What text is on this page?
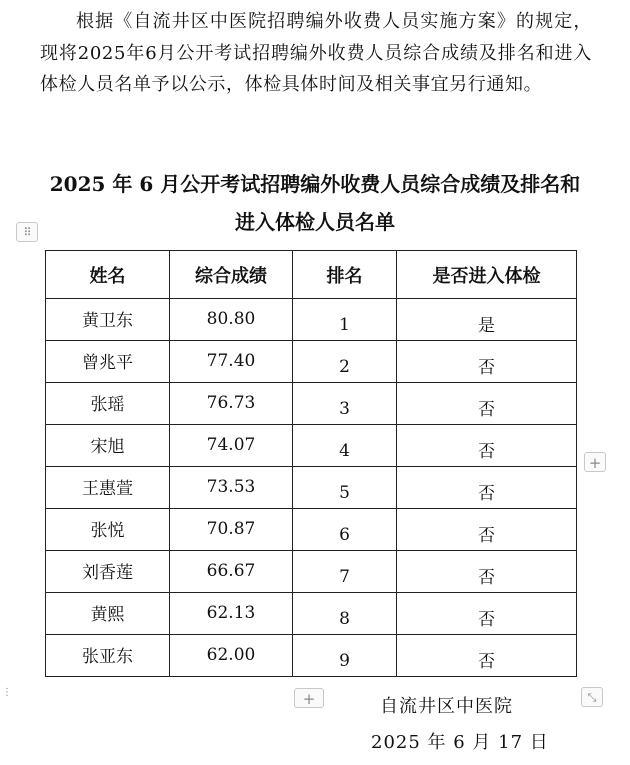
根据《自流井区中医院招聘编外收费人员实施方案》的规定，现将2025年6月公开考试招聘编外收费人员综合成绩及排名和进入体检人员名单予以公示，体检具体时间及相关事宜另行通知。

2025 年 6 月公开考试招聘编外收费人员综合成绩及排名和
进入体检人员名单
⠿
姓名	综合成绩	排名	是否进入体检
黄卫东	80.80	1	是
曾兆平	77.40	2	否
张瑶	76.73	3	否
宋旭	74.07	4	否
王惠萱	73.53	5	否
张悦	70.87	6	否
刘香莲	66.67	7	否
黄熙	62.13	8	否
张亚东	62.00	9	否
+
+	⤡
⋮

自流井区中医院

2025 年 6 月 17 日
